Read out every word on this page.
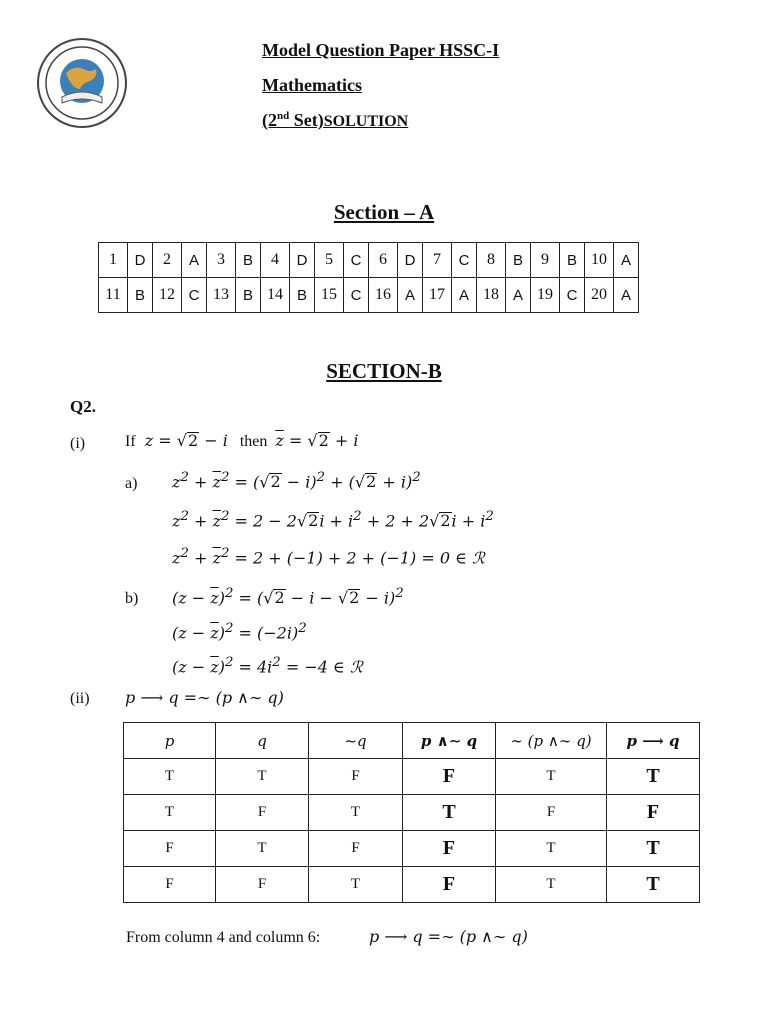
Model Question Paper HSSC-I
Mathematics
(2nd Set)SOLUTION
Section – A
1	D	2	A	3	B	4	D	5	C	6	D	7	C	8	B	9	B	10	A
11	B	12	C	13	B	14	B	15	C	16	A	17	A	18	A	19	C	20	A
SECTION-B
Q2.
(i) If  z = √2 − i then $\overline{z} = √2 + i$
a) $z^2 + \overline{z}^2 = (√2 - i)^2 + (√2 + i)^2$
$z^2 + \overline{z}^2 = 2 - 2√2i + i^2 + 2 + 2√2i + i^2$
$z^2 + \overline{z}^2 = 2 + (-1) + 2 + (-1) = 0$ ∈ ℛ
b) $(z - \overline{z})^2 = (√2 - i - √2 - i)^2$
$(z - \overline{z})^2 = (-2i)^2$
$(z - \overline{z})^2 = 4i^2 = -4$ ∈ ℛ
(ii) p ⟶ q =∼ (p ∧∼ q)
p	q	~q	p ∧∼ q	∼ (p ∧∼ q)	p ⟶ q
T	T	F	F	T	T
T	F	T	T	F	F
F	T	F	F	T	T
F	F	T	F	T	T
From column 4 and column 6:	p ⟶ q =∼ (p ∧∼ q)
